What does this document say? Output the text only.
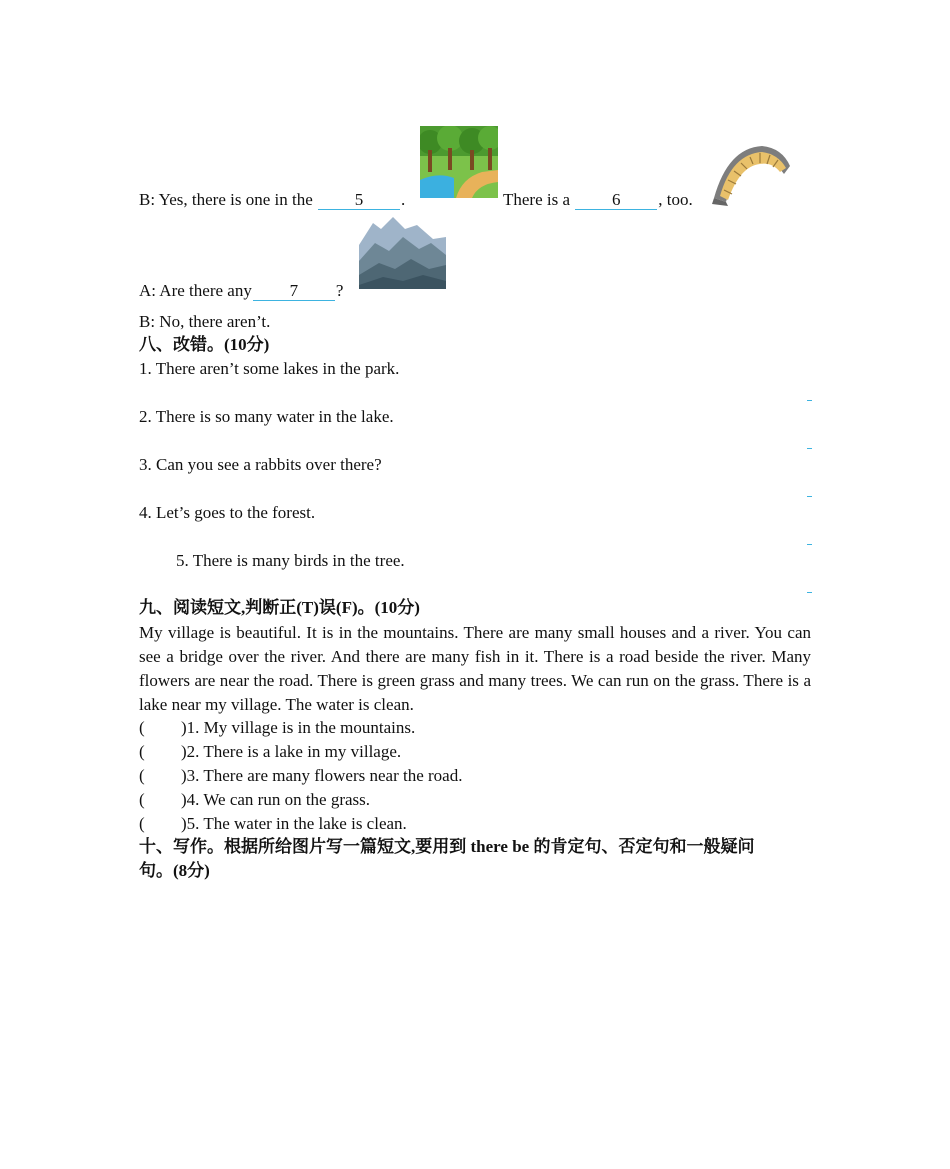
B: Yes, there is one in the 5 .	There is a 6 , too.
A: Are there any 7 ?
B: No, there aren’t.
八、改错。(10分)
1. There aren’t some lakes in the park.
2. There is so many water in the lake.
3. Can you see a rabbits over there?
4. Let’s goes to the forest.
5. There is many birds in the tree.
九、阅读短文,判断正(T)误(F)。(10分)
My village is beautiful. It is in the mountains. There are many small houses and a river. You can see a bridge over the river. And there are many fish in it. There is a road beside the river. Many flowers are near the road. There is green grass and many trees. We can run on the grass. There is a lake near my village. The water is clean.
( )1. My village is in the mountains.
( )2. There is a lake in my village.
( )3. There are many flowers near the road.
( )4. We can run on the grass.
( )5. The water in the lake is clean.
十、写作。根据所给图片写一篇短文,要用到 there be 的肯定句、否定句和一般疑问
句。(8分)
